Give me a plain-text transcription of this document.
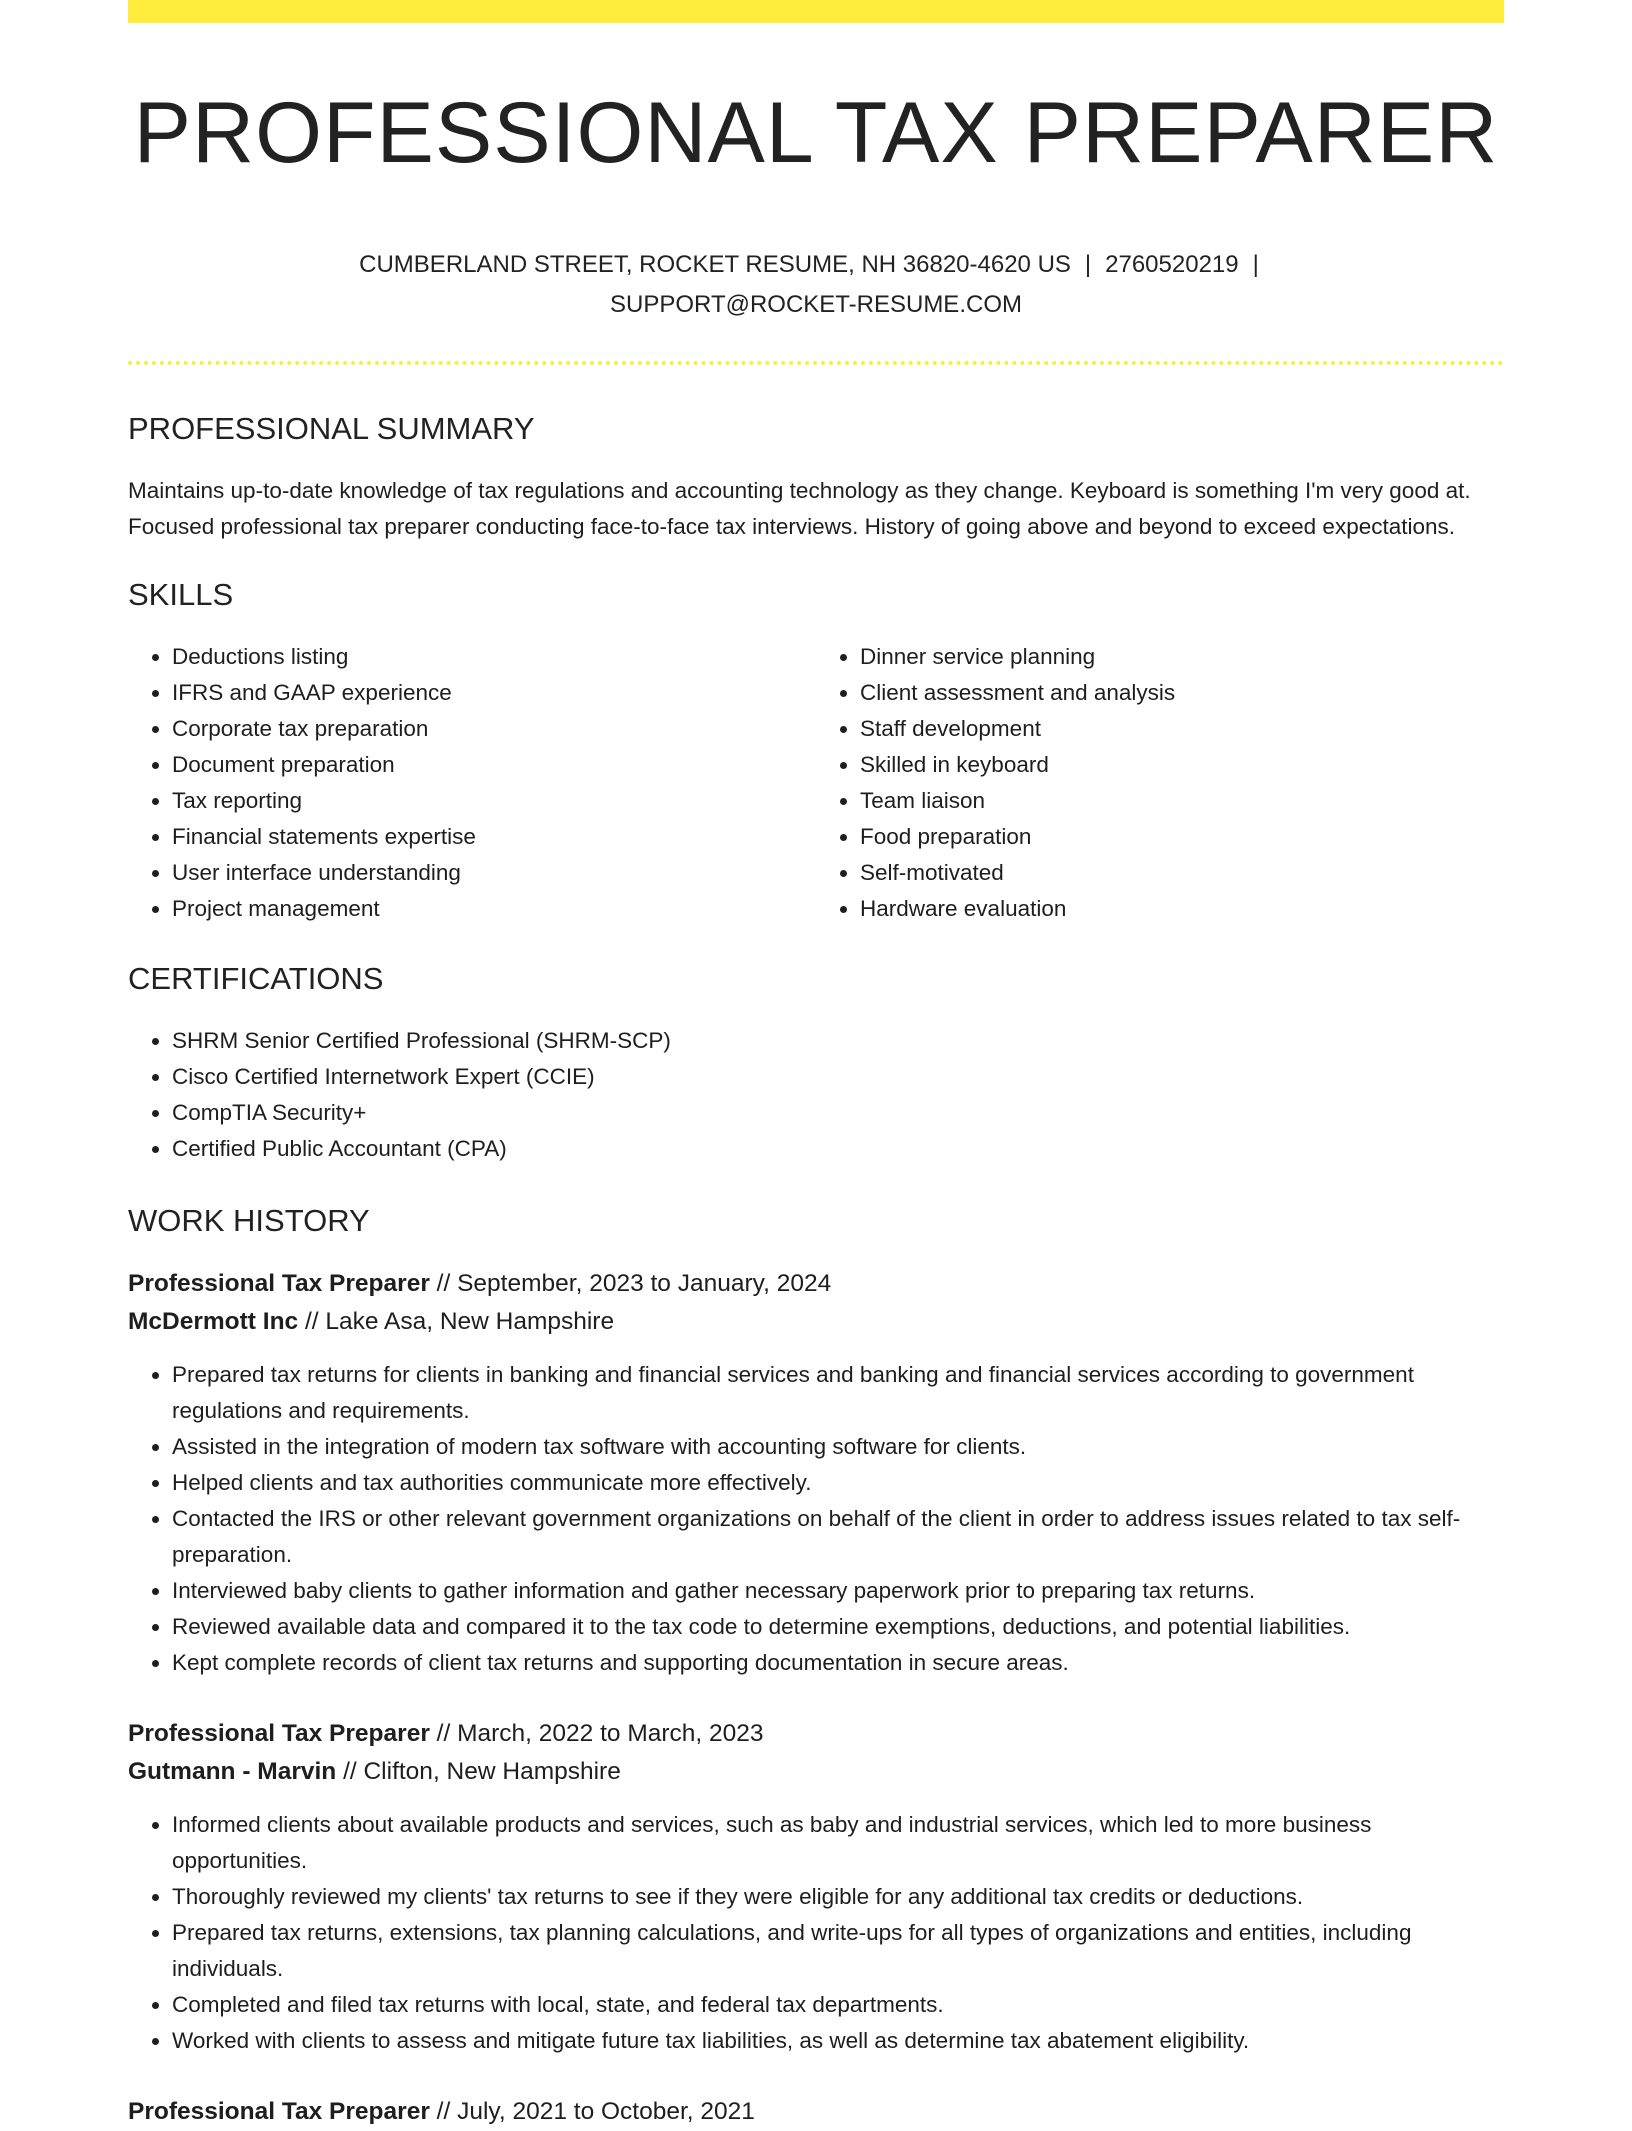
PROFESSIONAL TAX PREPARER
CUMBERLAND STREET, ROCKET RESUME, NH 36820-4620 US | 2760520219 |
SUPPORT@ROCKET-RESUME.COM
PROFESSIONAL SUMMARY

Maintains up-to-date knowledge of tax regulations and accounting technology as they change. Keyboard is something I'm very good at. Focused professional tax preparer conducting face-to-face tax interviews. History of going above and beyond to exceed expectations.

SKILLS
• Deductions listing
• IFRS and GAAP experience
• Corporate tax preparation
• Document preparation
• Tax reporting
• Financial statements expertise
• User interface understanding
• Project management
• Dinner service planning
• Client assessment and analysis
• Staff development
• Skilled in keyboard
• Team liaison
• Food preparation
• Self-motivated
• Hardware evaluation
CERTIFICATIONS
• SHRM Senior Certified Professional (SHRM-SCP)
• Cisco Certified Internetwork Expert (CCIE)
• CompTIA Security+
• Certified Public Accountant (CPA)
WORK HISTORY
Professional Tax Preparer // September, 2023 to January, 2024
McDermott Inc // Lake Asa, New Hampshire
• Prepared tax returns for clients in banking and financial services and banking and financial services according to government regulations and requirements.
• Assisted in the integration of modern tax software with accounting software for clients.
• Helped clients and tax authorities communicate more effectively.
• Contacted the IRS or other relevant government organizations on behalf of the client in order to address issues related to tax self-preparation.
• Interviewed baby clients to gather information and gather necessary paperwork prior to preparing tax returns.
• Reviewed available data and compared it to the tax code to determine exemptions, deductions, and potential liabilities.
• Kept complete records of client tax returns and supporting documentation in secure areas.
Professional Tax Preparer // March, 2022 to March, 2023
Gutmann - Marvin // Clifton, New Hampshire
• Informed clients about available products and services, such as baby and industrial services, which led to more business opportunities.
• Thoroughly reviewed my clients' tax returns to see if they were eligible for any additional tax credits or deductions.
• Prepared tax returns, extensions, tax planning calculations, and write-ups for all types of organizations and entities, including individuals.
• Completed and filed tax returns with local, state, and federal tax departments.
• Worked with clients to assess and mitigate future tax liabilities, as well as determine tax abatement eligibility.
Professional Tax Preparer // July, 2021 to October, 2021
